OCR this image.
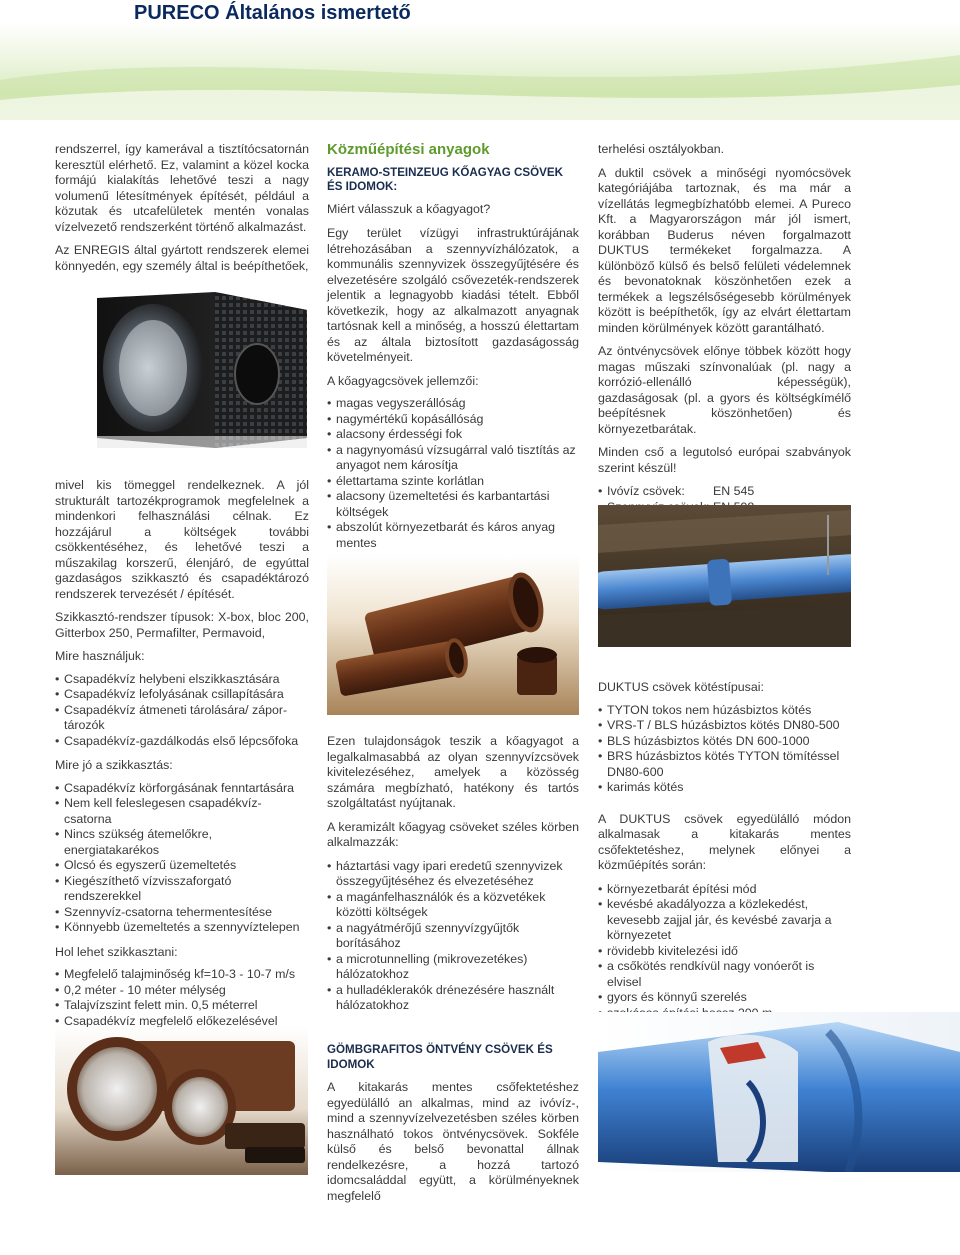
PURECO Általános ismertető

rendszerrel, így kamerával a tisztítócsatornán keresztül elérhető. Ez, valamint a közel kocka formájú kialakítás lehetővé teszi a nagy volumenű létesítmények építését, például a közutak és utcafelületek mentén vonalas vízelvezető rendszerként történő alkalmazást.

Az ENREGIS által gyártott rendszerek elemei könnyedén, egy személy által is beépíthetőek,

mivel kis tömeggel rendelkeznek. A jól strukturált tartozékprogramok megfelelnek a mindenkori felhasználási célnak. Ez hozzájárul a költségek további csökkentéséhez, és lehetővé teszi a műszakilag korszerű, élenjáró, de egyúttal gazdaságos szikkasztó és csapadéktározó rendszerek tervezését / építését.

Szikkasztó-rendszer típusok: X-box, bloc 200, Gitterbox 250, Permafilter, Permavoid,

Mire használjuk:

• Csapadékvíz helybeni elszikkasztására
• Csapadékvíz lefolyásának csillapítására
• Csapadékvíz átmeneti tárolására/ záportározók
• Csapadékvíz-gazdálkodás első lépcsőfoka

Mire jó a szikkasztás:

• Csapadékvíz körforgásának fenntartására
• Nem kell feleslegesen csapadékvíz-csatorna
• Nincs szükség átemelőkre, energiatakarékos
• Olcsó és egyszerű üzemeltetés
• Kiegészíthető vízvisszaforgató rendszerekkel
• Szennyvíz-csatorna tehermentesítése
• Könnyebb üzemeltetés a szennyvíztelepen

Hol lehet szikkasztani:

• Megfelelő talajminőség kf=10-3 - 10-7 m/s
• 0,2 méter - 10 méter mélység
• Talajvízszint felett min. 0,5 méterrel
• Csapadékvíz megfelelő előkezelésével

Közműépítési anyagok

KERAMO-STEINZEUG KŐAGYAG CSÖVEK ÉS IDOMOK:

Miért válasszuk a kőagyagot?

Egy terület vízügyi infrastruktúrájának létrehozásában a szennyvízhálózatok, a kommunális szennyvizek összegyűjtésére és elvezetésére szolgáló csővezeték-rendszerek jelentik a legnagyobb kiadási tételt. Ebből következik, hogy az alkalmazott anyagnak tartósnak kell a minőség, a hosszú élettartam és az általa biztosított gazdaságosság követelményeit.

A kőagyagcsövek jellemzői:

• magas vegyszerállóság
• nagymértékű kopásállóság
• alacsony érdességi fok
• a nagynyomású vízsugárral való tisztítás az anyagot nem károsítja
• élettartama szinte korlátlan
• alacsony üzemeltetési és karbantartási költségek
• abszolút környezetbarát és káros anyag mentes

Ezen tulajdonságok teszik a kőagyagot a legalkalmasabbá az olyan szennyvízcsövek kivitelezéséhez, amelyek a közösség számára megbízható, hatékony és tartós szolgáltatást nyújtanak.

A keramizált kőagyag csöveket széles körben alkalmazzák:

• háztartási vagy ipari eredetű szennyvizek összegyűjtéséhez és elvezetéséhez
• a magánfelhasználók és a közvetékek közötti költségek
• a nagyátmérőjű szennyvízgyűjtők borításához
• a microtunnelling (mikrovezetékes) hálózatokhoz
• a hulladéklerakók drénezésére használt hálózatokhoz

GÖMBGRAFITOS ÖNTVÉNY CSÖVEK ÉS IDOMOK

A kitakarás mentes csőfektetéshez egyedülálló an alkalmas, mind az ivóvíz-, mind a szennyvízelvezetésben széles körben használható tokos öntvénycsövek. Sokféle külső és belső bevonattal állnak rendelkezésre, a hozzá tartozó idomcsaláddal együtt, a körülményeknek megfelelő

terhelési osztályokban.

A duktil csövek a minőségi nyomócsövek kategóriájába tartoznak, és ma már a vízellátás legmegbízhatóbb elemei. A Pureco Kft. a Magyarországon már jól ismert, korábban Buderus néven forgalmazott DUKTUS termékeket forgalmazza. A különböző külső és belső felületi védelemnek és bevonatoknak köszönhetően ezek a termékek a legszélsőségesebb körülmények között is beépíthetők, így az elvárt élettartam minden körülmények között garantálható.

Az öntvénycsövek előnye többek között hogy magas műszaki színvonalúak (pl. nagy a korrózió-ellenálló képességük), gazdaságosak (pl. a gyors és költségkímélő beépítésnek köszönhetően) és környezetbarátak.

Minden cső a legutolsó európai szabványok szerint készül!

• Ivóvíz csövek:	EN 545
•

DUKTUS csövek kötéstípusai:

• TYTON tokos nem húzásbiztos kötés
• VRS-T / BLS húzásbiztos kötés DN80-500
• BLS húzásbiztos kötés DN 600-1000
• BRS húzásbiztos kötés TYTON tömítéssel DN80-600
• karimás kötés

A DUKTUS csövek egyedülálló módon alkalmasak a kitakarás mentes csőfektetéshez, melynek előnyei a közműépítés során:

• környezetbarát építési mód
• kevésbé akadályozza a közlekedést, kevesebb zajjal jár, és kevésbé zavarja a környezetet
• rövidebb kivitelezési idő
• a csőkötés rendkívül nagy vonóerőt is elvisel
• gyors és könnyű szerelés
•
•
